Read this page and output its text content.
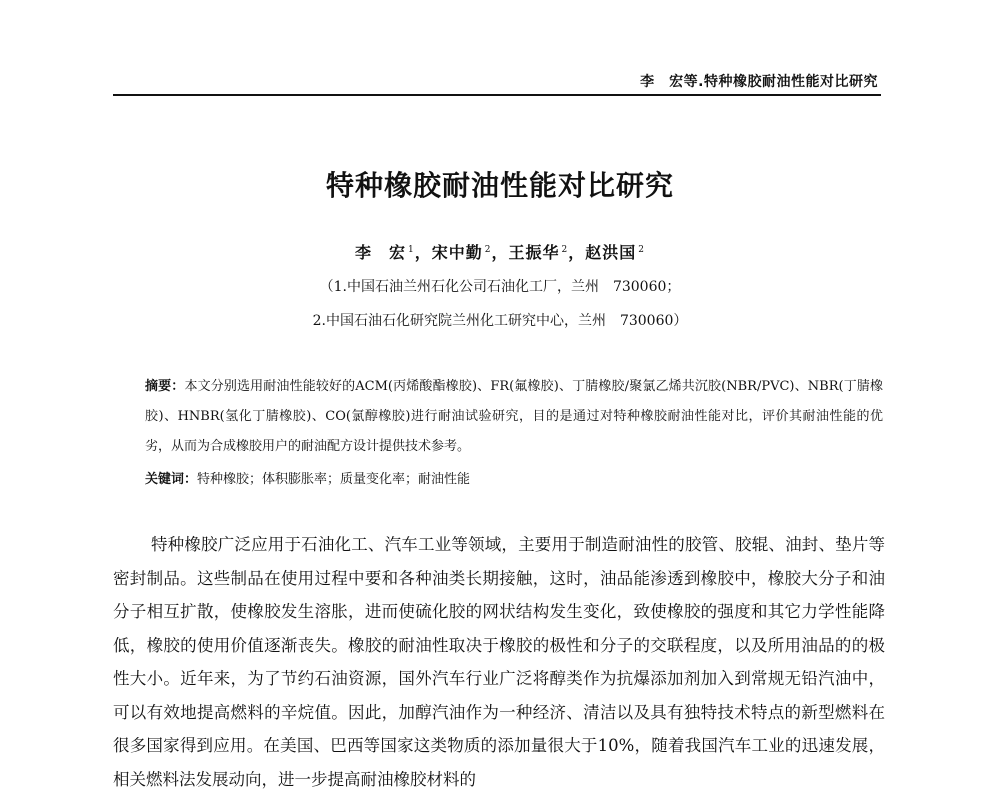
李　宏等.特种橡胶耐油性能对比研究
特种橡胶耐油性能对比研究
李　宏 $^1$，宋中勤 $^2$，王振华 $^2$，赵洪国 $^2$
（1.中国石油兰州石化公司石油化工厂，兰州　730060；
2.中国石油石化研究院兰州化工研究中心，兰州　730060）
摘要：本文分别选用耐油性能较好的ACM(丙烯酸酯橡胶)、FR(氟橡胶)、丁腈橡胶/聚氯乙烯共沉胶(NBR/PVC)、NBR(丁腈橡胶)、HNBR(氢化丁腈橡胶)、CO(氯醇橡胶)进行耐油试验研究，目的是通过对特种橡胶耐油性能对比，评价其耐油性能的优劣，从而为合成橡胶用户的耐油配方设计提供技术参考。
关键词：特种橡胶；体积膨胀率；质量变化率；耐油性能
特种橡胶广泛应用于石油化工、汽车工业等领域，主要用于制造耐油性的胶管、胶辊、油封、垫片等密封制品。这些制品在使用过程中要和各种油类长期接触，这时，油品能渗透到橡胶中，橡胶大分子和油分子相互扩散，使橡胶发生溶胀，进而使硫化胶的网状结构发生变化，致使橡胶的强度和其它力学性能降低，橡胶的使用价值逐渐丧失。橡胶的耐油性取决于橡胶的极性和分子的交联程度，以及所用油品的的极性大小。近年来，为了节约石油资源，国外汽车行业广泛将醇类作为抗爆添加剂加入到常规无铅汽油中，可以有效地提高燃料的辛烷值。因此，加醇汽油作为一种经济、清洁以及具有独特技术特点的新型燃料在很多国家得到应用。在美国、巴西等国家这类物质的添加量很大于10%，随着我国汽车工业的迅速发展，相关燃料法发展动向，进一步提高耐油橡胶材料的
